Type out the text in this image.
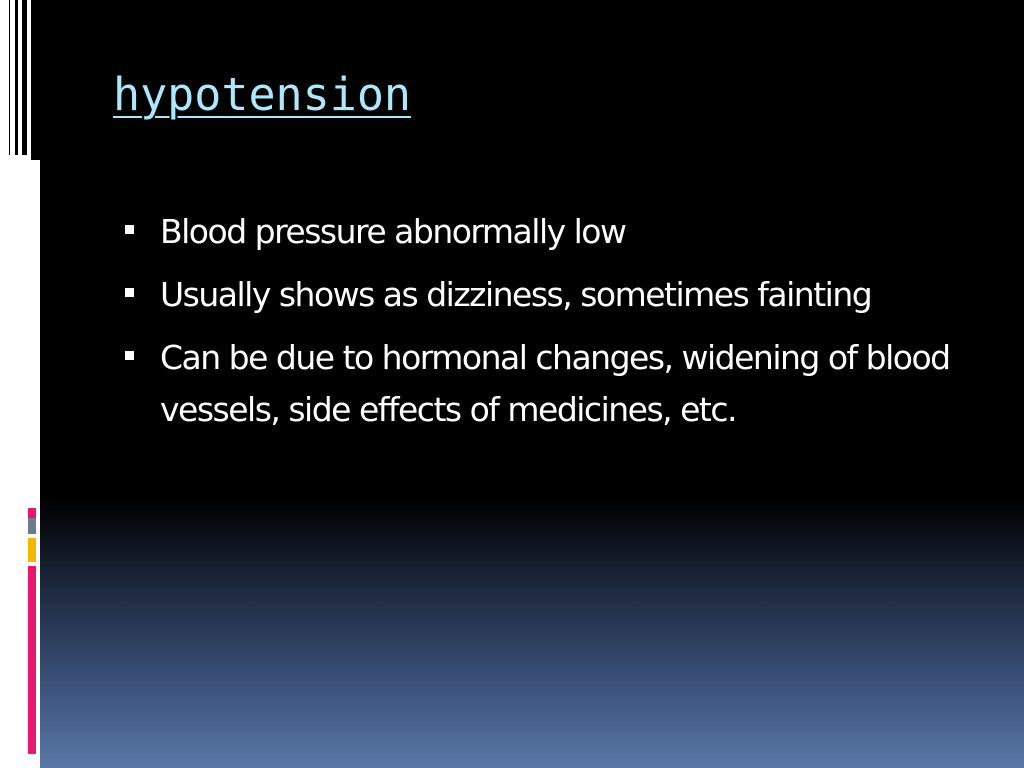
hypotension
Blood pressure abnormally low
Usually shows as dizziness, sometimes fainting
Can be due to hormonal changes, widening of blood vessels, side effects of medicines, etc.
